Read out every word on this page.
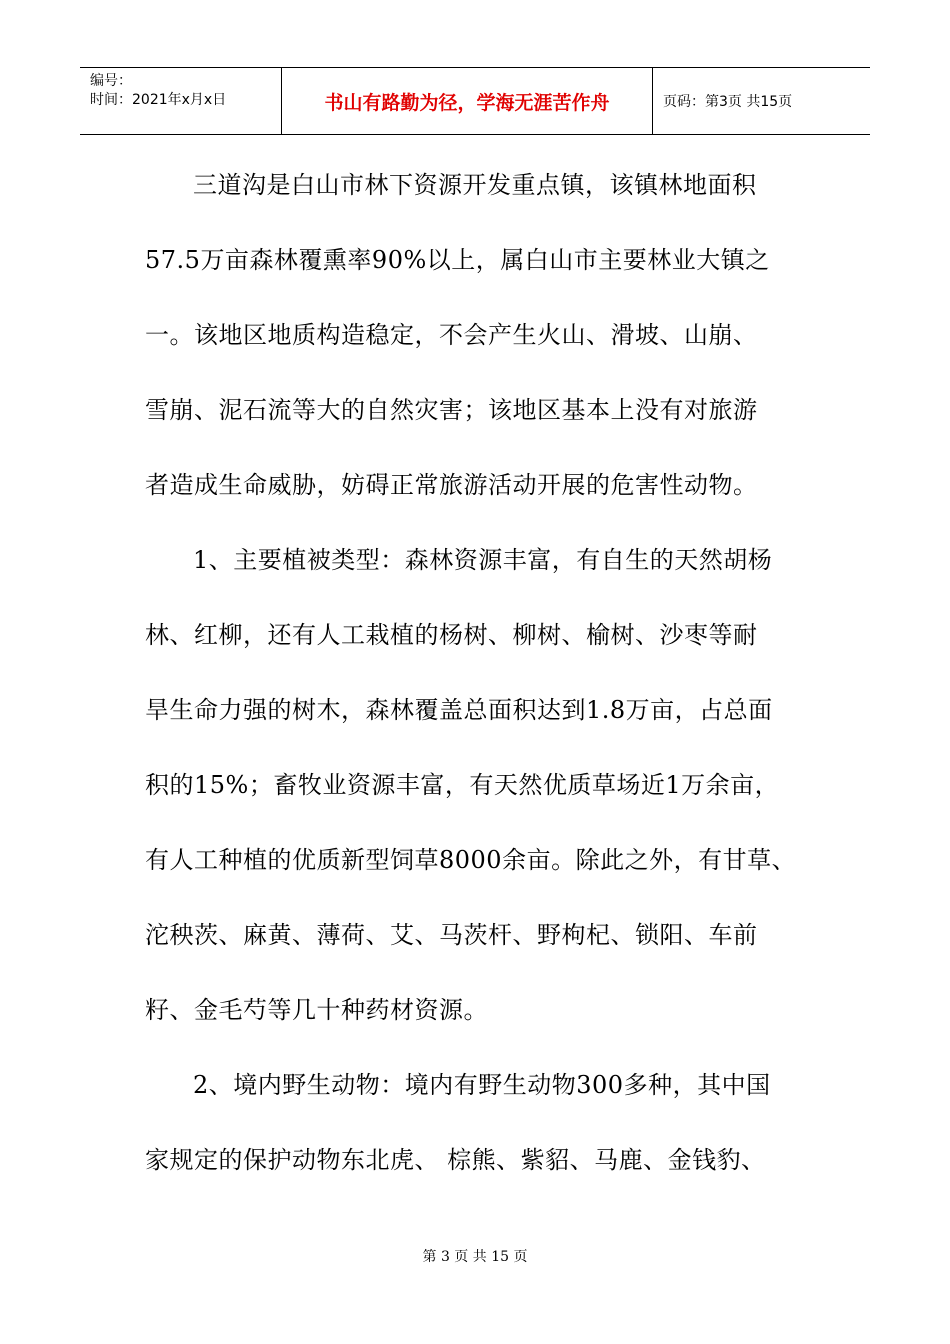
编号：
时间：2021年x月x日	书山有路勤为径，学海无涯苦作舟	页码：第3页 共15页
三道沟是白山市林下资源开发重点镇，该镇林地面积
57.5万亩森林覆熏率90%以上，属白山市主要林业大镇之
一。该地区地质构造稳定，不会产生火山、滑坡、山崩、
雪崩、泥石流等大的自然灾害；该地区基本上没有对旅游
者造成生命威胁，妨碍正常旅游活动开展的危害性动物。
1、主要植被类型：森林资源丰富，有自生的天然胡杨
林、红柳，还有人工栽植的杨树、柳树、榆树、沙枣等耐
旱生命力强的树木，森林覆盖总面积达到1.8万亩，占总面
积的15%；畜牧业资源丰富，有天然优质草场近1万余亩，
有人工种植的优质新型饲草8000余亩。除此之外，有甘草、
沱秧茨、麻黄、薄荷、艾、马茨杆、野枸杞、锁阳、车前
籽、金毛芍等几十种药材资源。
2、境内野生动物：境内有野生动物300多种，其中国
家规定的保护动物东北虎、 棕熊、紫貂、马鹿、金钱豹、
第 3 页 共 15 页
